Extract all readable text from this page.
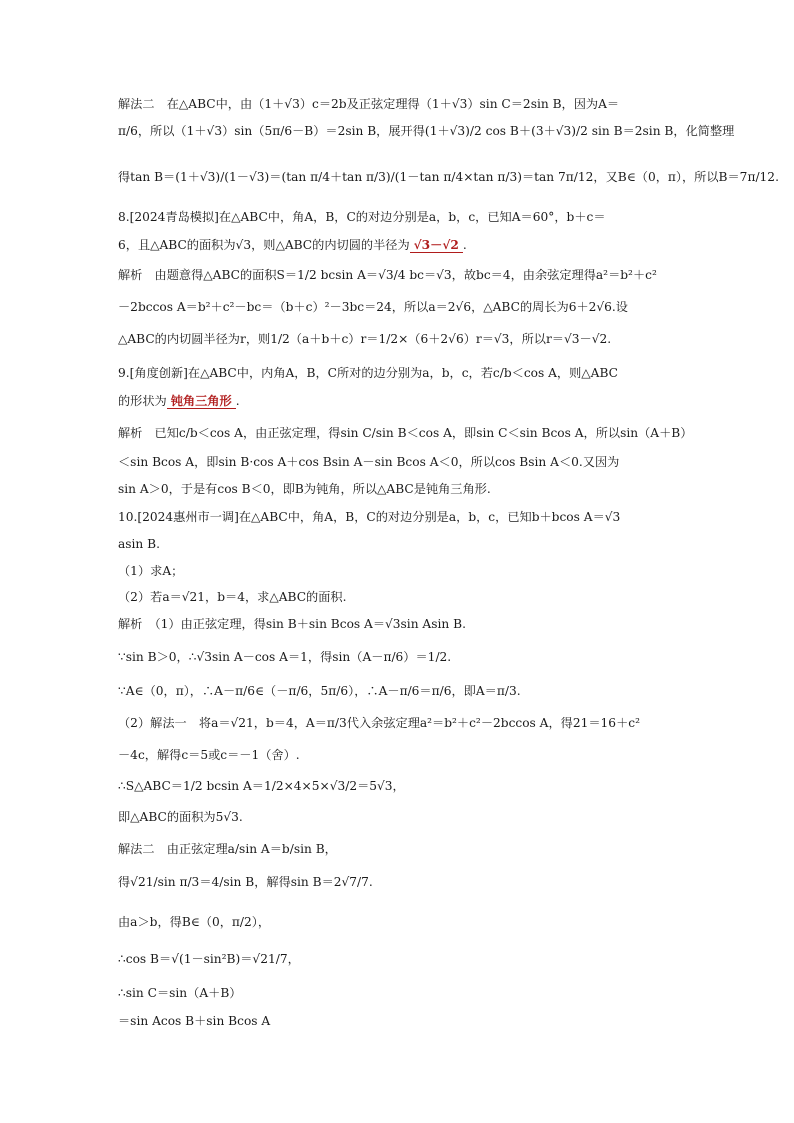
解法二　在△ABC中，由（1＋√3）c＝2b及正弦定理得（1＋√3）sin C＝2sin B，因为A＝
π/6，所以（1＋√3）sin（5π/6－B）＝2sin B，展开得(1＋√3)/2 cos B＋(3＋√3)/2 sin B＝2sin B，化简整理
得tan B＝(1＋√3)/(1－√3)＝(tan π/4＋tan π/3)/(1－tan π/4×tan π/3)＝tan 7π/12，又B∈（0，π），所以B＝7π/12.
8.[2024青岛模拟]在△ABC中，角A，B，C的对边分别是a，b，c，已知A＝60°，b＋c＝
6，且△ABC的面积为√3，则△ABC的内切圆的半径为 √3－√2 .
解析　由题意得△ABC的面积S＝1/2 bcsin A＝√3/4 bc＝√3，故bc＝4，由余弦定理得a²＝b²＋c²
－2bccos A＝b²＋c²－bc＝（b＋c）²－3bc＝24，所以a＝2√6，△ABC的周长为6＋2√6.设
△ABC的内切圆半径为r，则1/2（a＋b＋c）r＝1/2×（6＋2√6）r＝√3，所以r＝√3－√2.
9.[角度创新]在△ABC中，内角A，B，C所对的边分别为a，b，c，若c/b＜cos A，则△ABC
的形状为 钝角三角形 .
解析　已知c/b＜cos A，由正弦定理，得sin C/sin B＜cos A，即sin C＜sin Bcos A，所以sin（A＋B）
＜sin Bcos A，即sin B·cos A＋cos Bsin A－sin Bcos A＜0，所以cos Bsin A＜0.又因为
sin A＞0，于是有cos B＜0，即B为钝角，所以△ABC是钝角三角形.
10.[2024惠州市一调]在△ABC中，角A，B，C的对边分别是a，b，c，已知b＋bcos A＝√3
asin B.
（1）求A；
（2）若a＝√21，b＝4，求△ABC的面积.
解析　（1）由正弦定理，得sin B＋sin Bcos A＝√3sin Asin B.
∵sin B＞0，∴√3sin A－cos A＝1，得sin（A－π/6）＝1/2.
∵A∈（0，π），∴A－π/6∈（－π/6，5π/6），∴A－π/6＝π/6，即A＝π/3.
（2）解法一　将a＝√21，b＝4，A＝π/3代入余弦定理a²＝b²＋c²－2bccos A，得21＝16＋c²
－4c，解得c＝5或c＝－1（舍）.
∴S△ABC＝1/2 bcsin A＝1/2×4×5×√3/2＝5√3，
即△ABC的面积为5√3.
解法二　由正弦定理a/sin A＝b/sin B，
得√21/sin π/3＝4/sin B，解得sin B＝2√7/7.
由a＞b，得B∈（0，π/2），
∴cos B＝√(1－sin²B)＝√21/7，
∴sin C＝sin（A＋B）
＝sin Acos B＋sin Bcos A
